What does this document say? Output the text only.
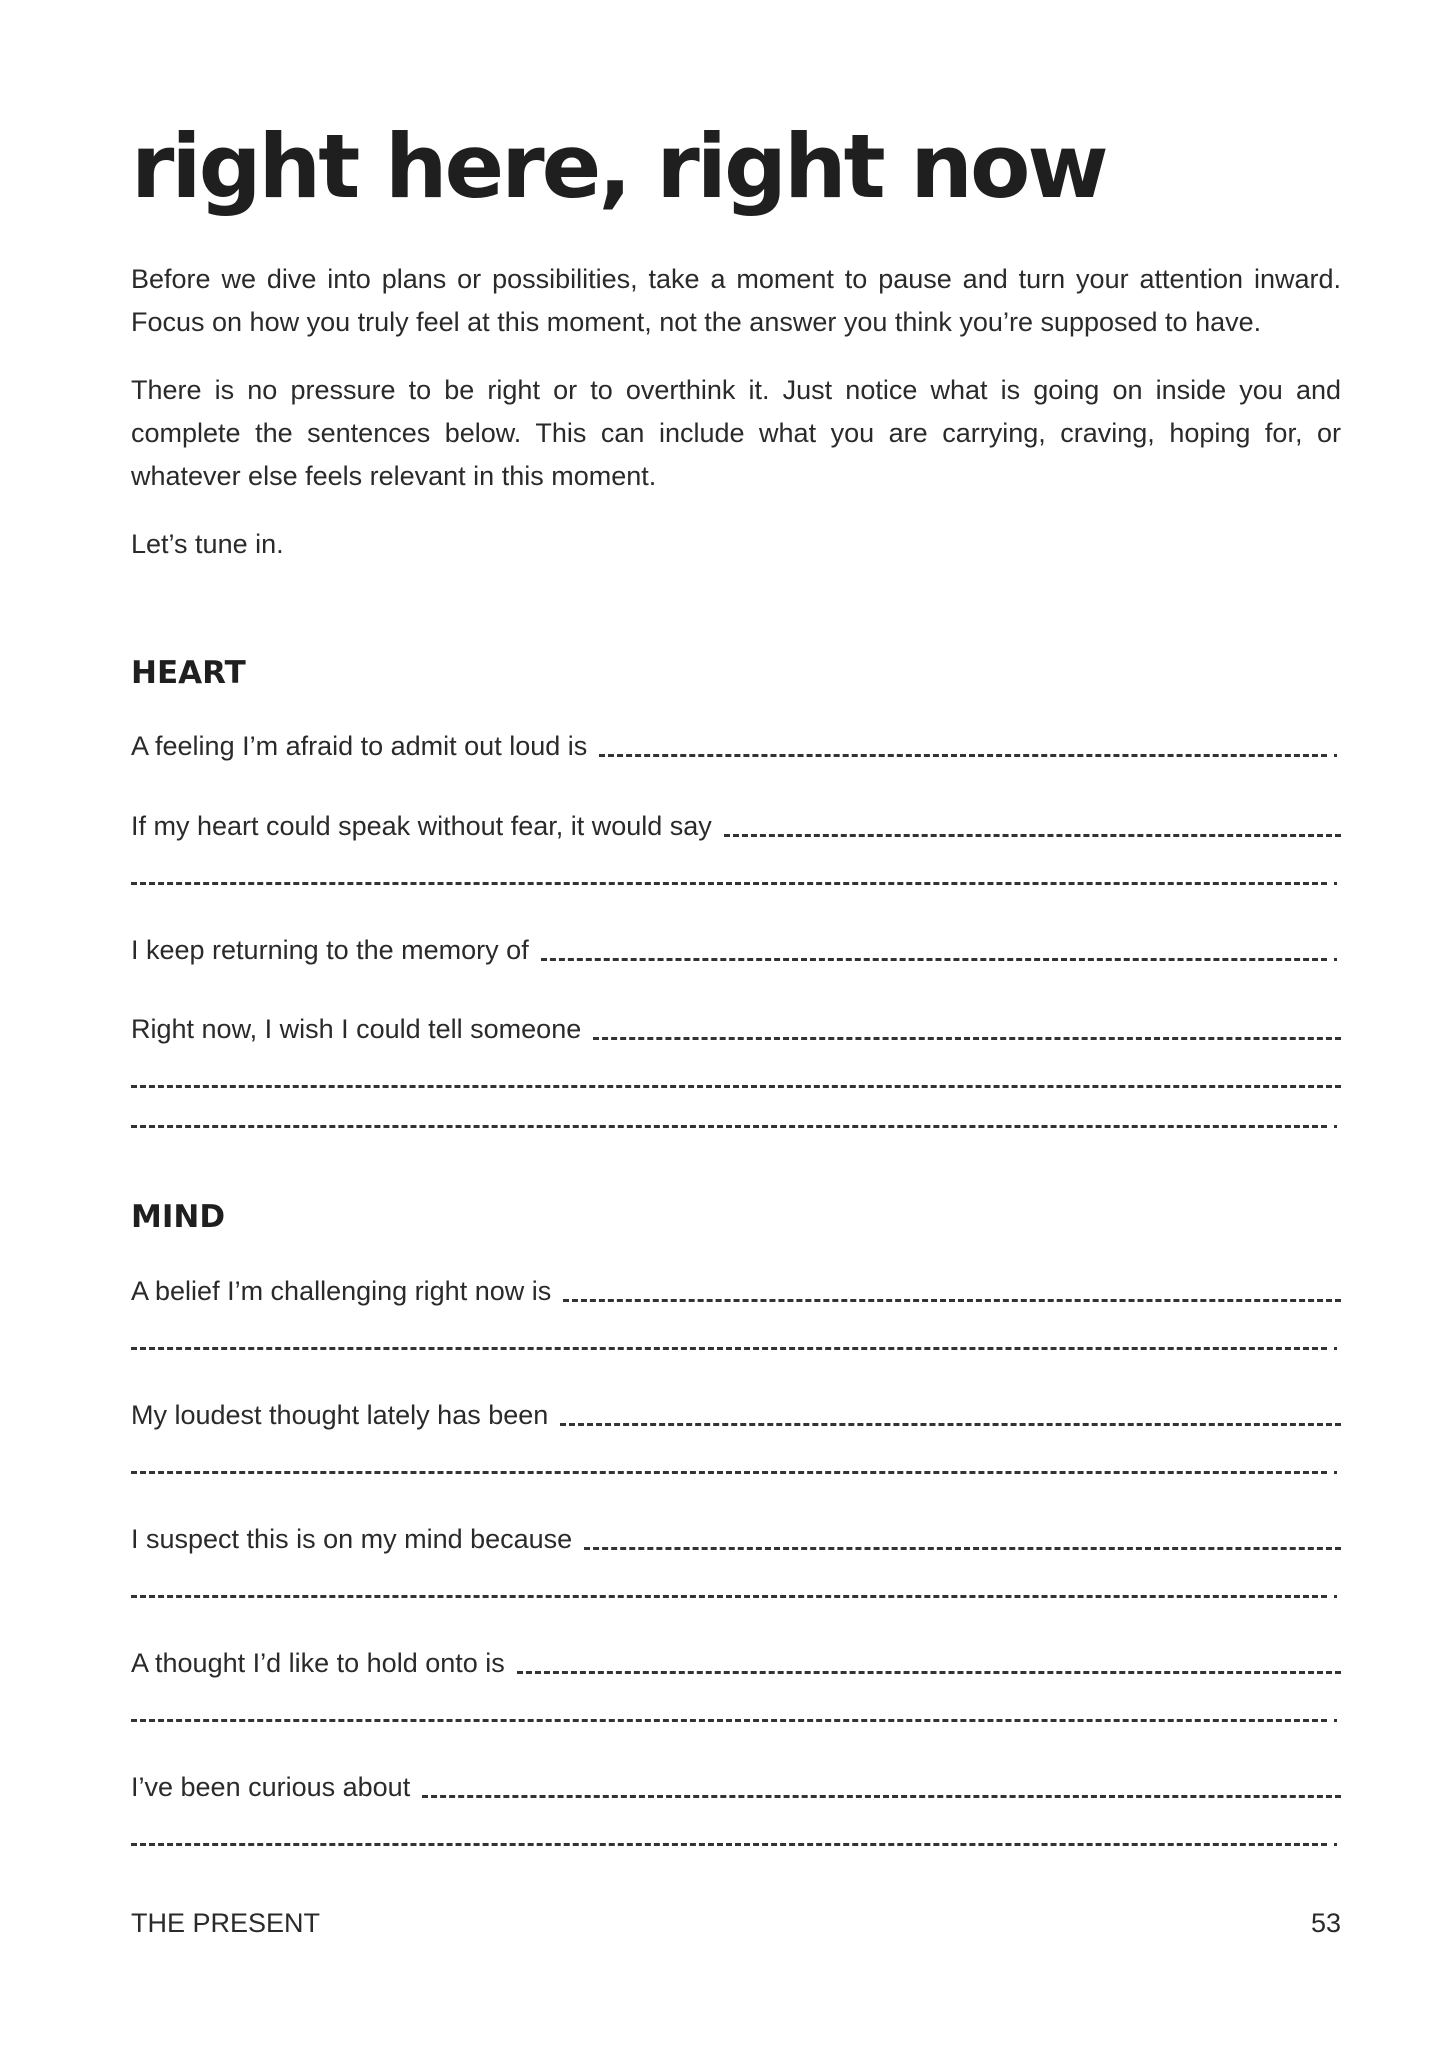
right here, right now

Before we dive into plans or possibilities, take a moment to pause and turn your attention inward. Focus on how you truly feel at this moment, not the answer you think you’re supposed to have.

There is no pressure to be right or to overthink it. Just notice what is going on inside you and complete the sentences below. This can include what you are carrying, craving, hoping for, or whatever else feels relevant in this moment.

Let’s tune in.

HEART
A feeling I’m afraid to admit out loud is
If my heart could speak without fear, it would say
I keep returning to the memory of
Right now, I wish I could tell someone
MIND
A belief I’m challenging right now is
My loudest thought lately has been
I suspect this is on my mind because
A thought I’d like to hold onto is
I’ve been curious about
THE PRESENT	53
